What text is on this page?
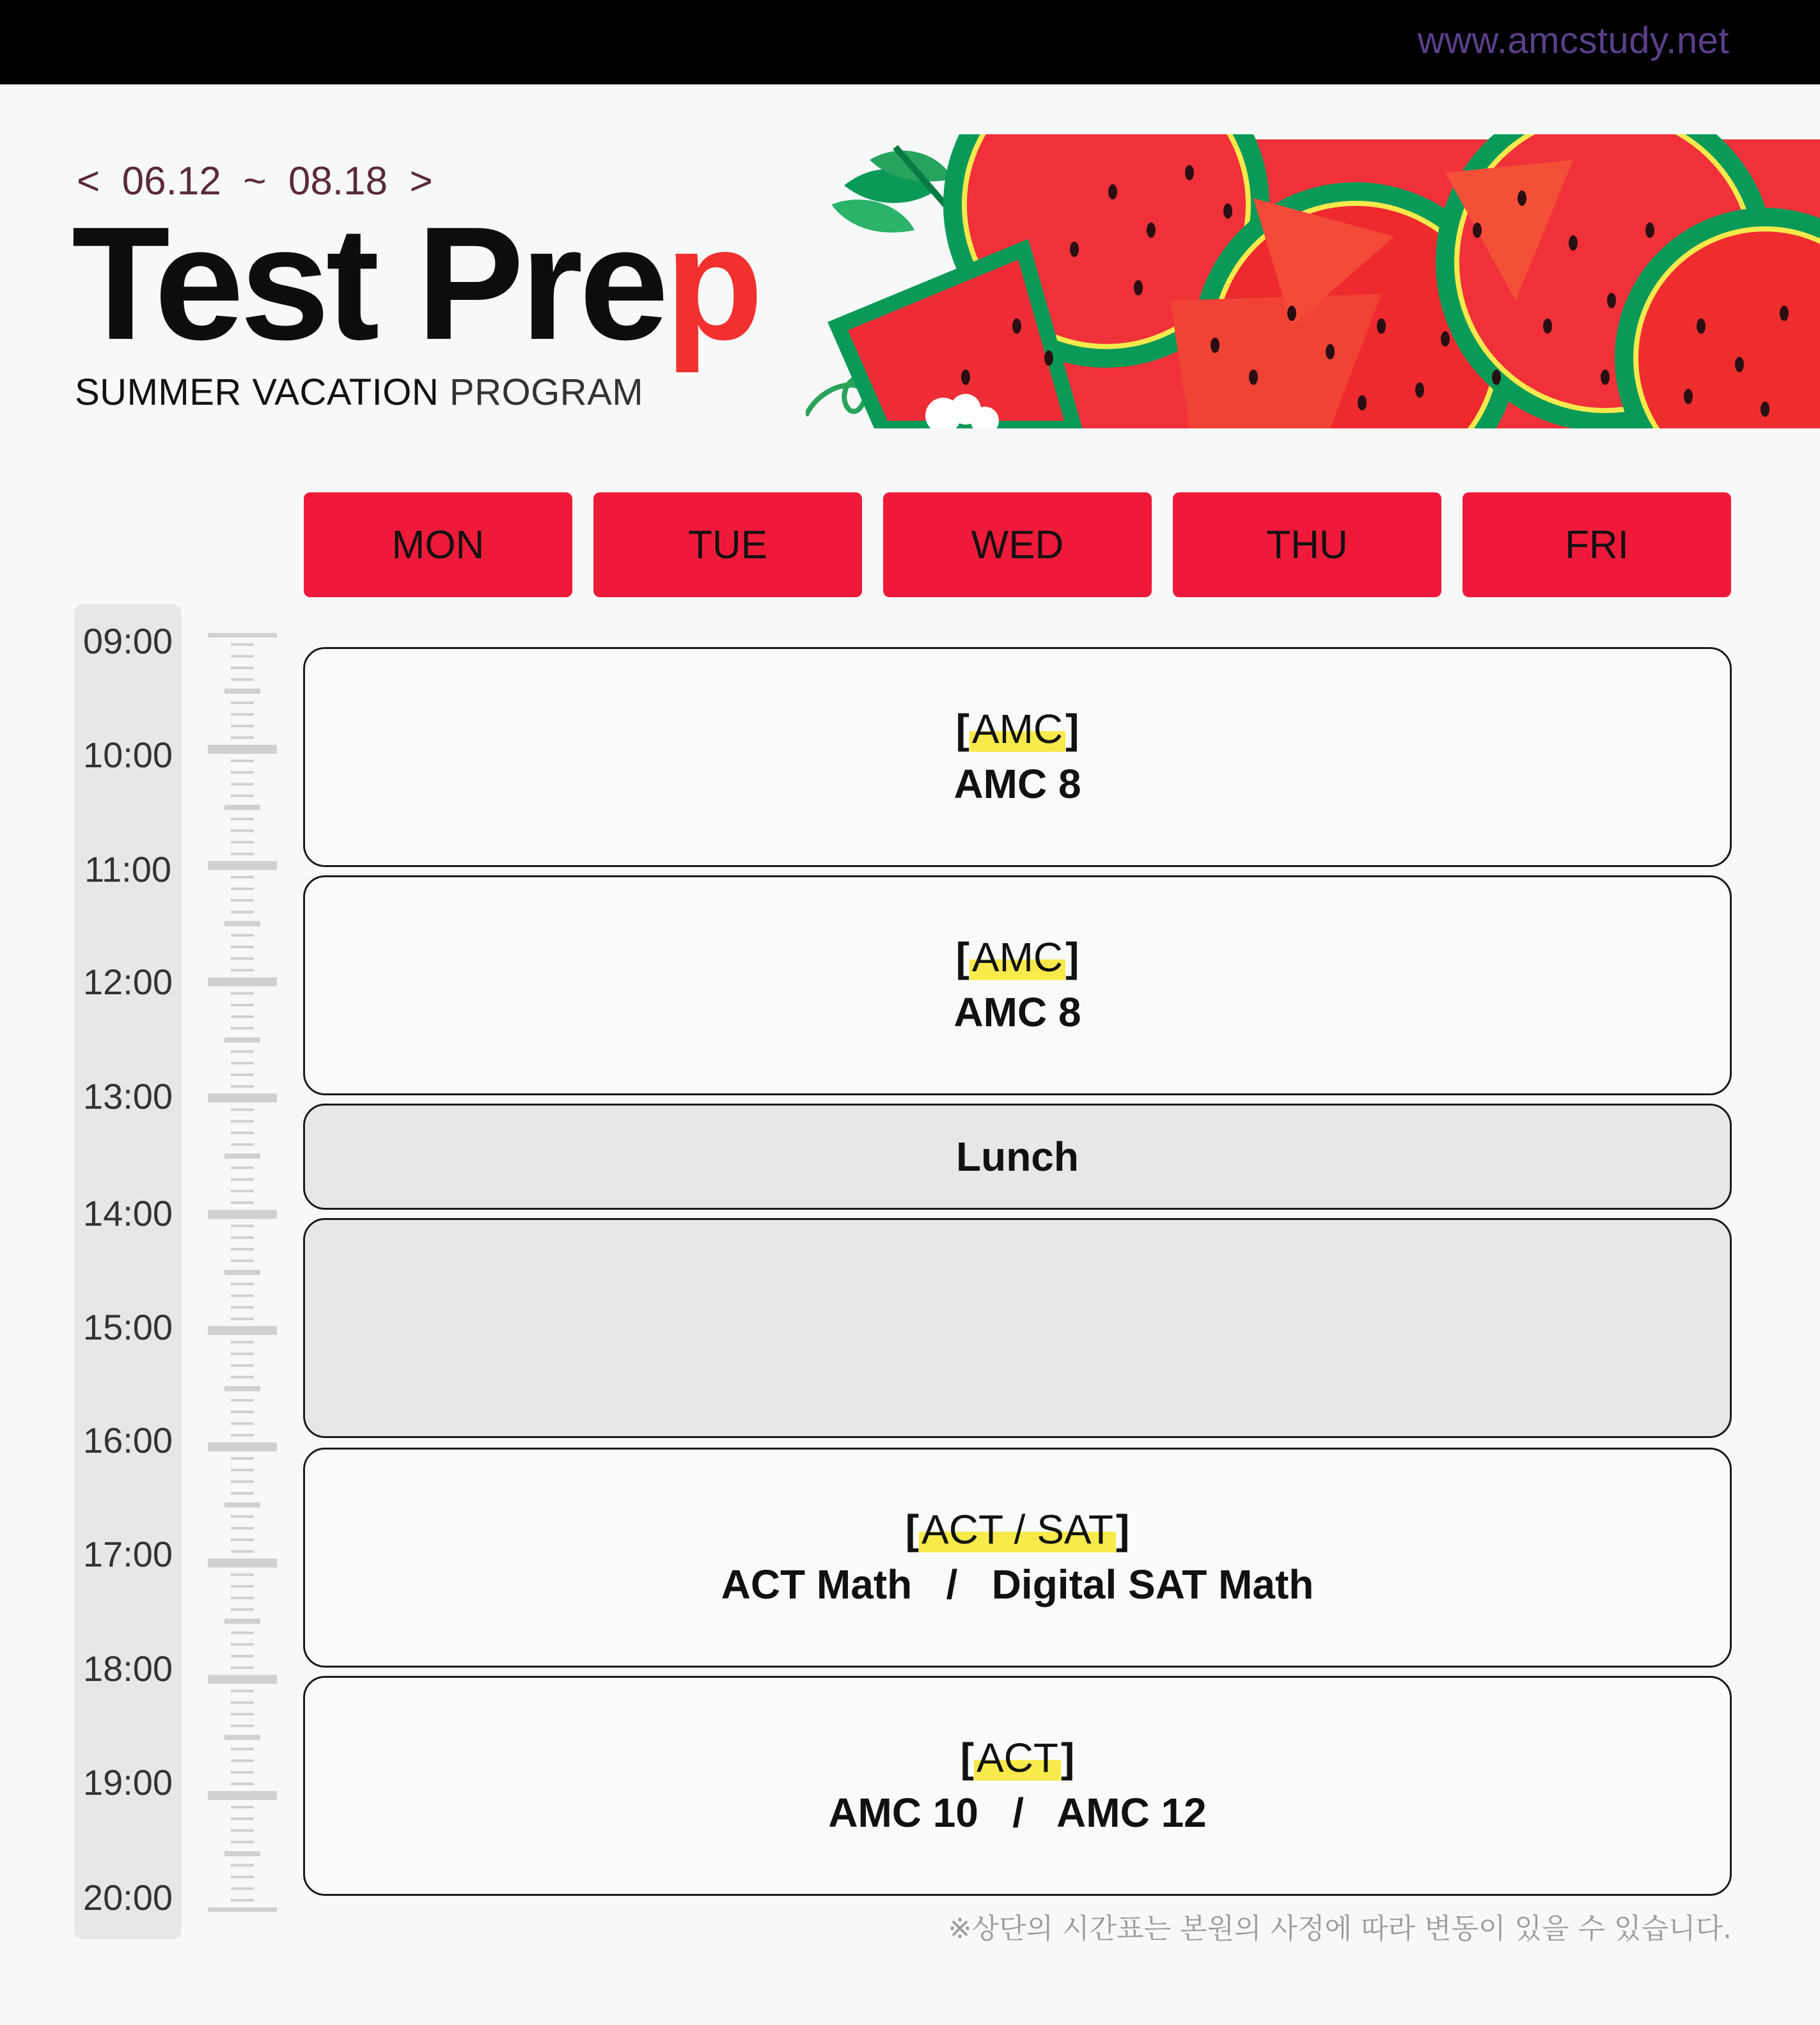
www.amcstudy.net
<  06.12  ~  08.18  >
Test Prep
SUMMER VACATION PROGRAM
MON	TUE	WED	THU	FRI
09:00
10:00
11:00
12:00
13:00
14:00
15:00
16:00
17:00
18:00
19:00
20:00
[AMC]
AMC 8
[AMC]
AMC 8
Lunch
[ACT / SAT]
ACT Math   /   Digital SAT Math
[ACT]
AMC 10   /   AMC 12
※상단의 시간표는 본원의 사정에 따라 변동이 있을 수 있습니다.
